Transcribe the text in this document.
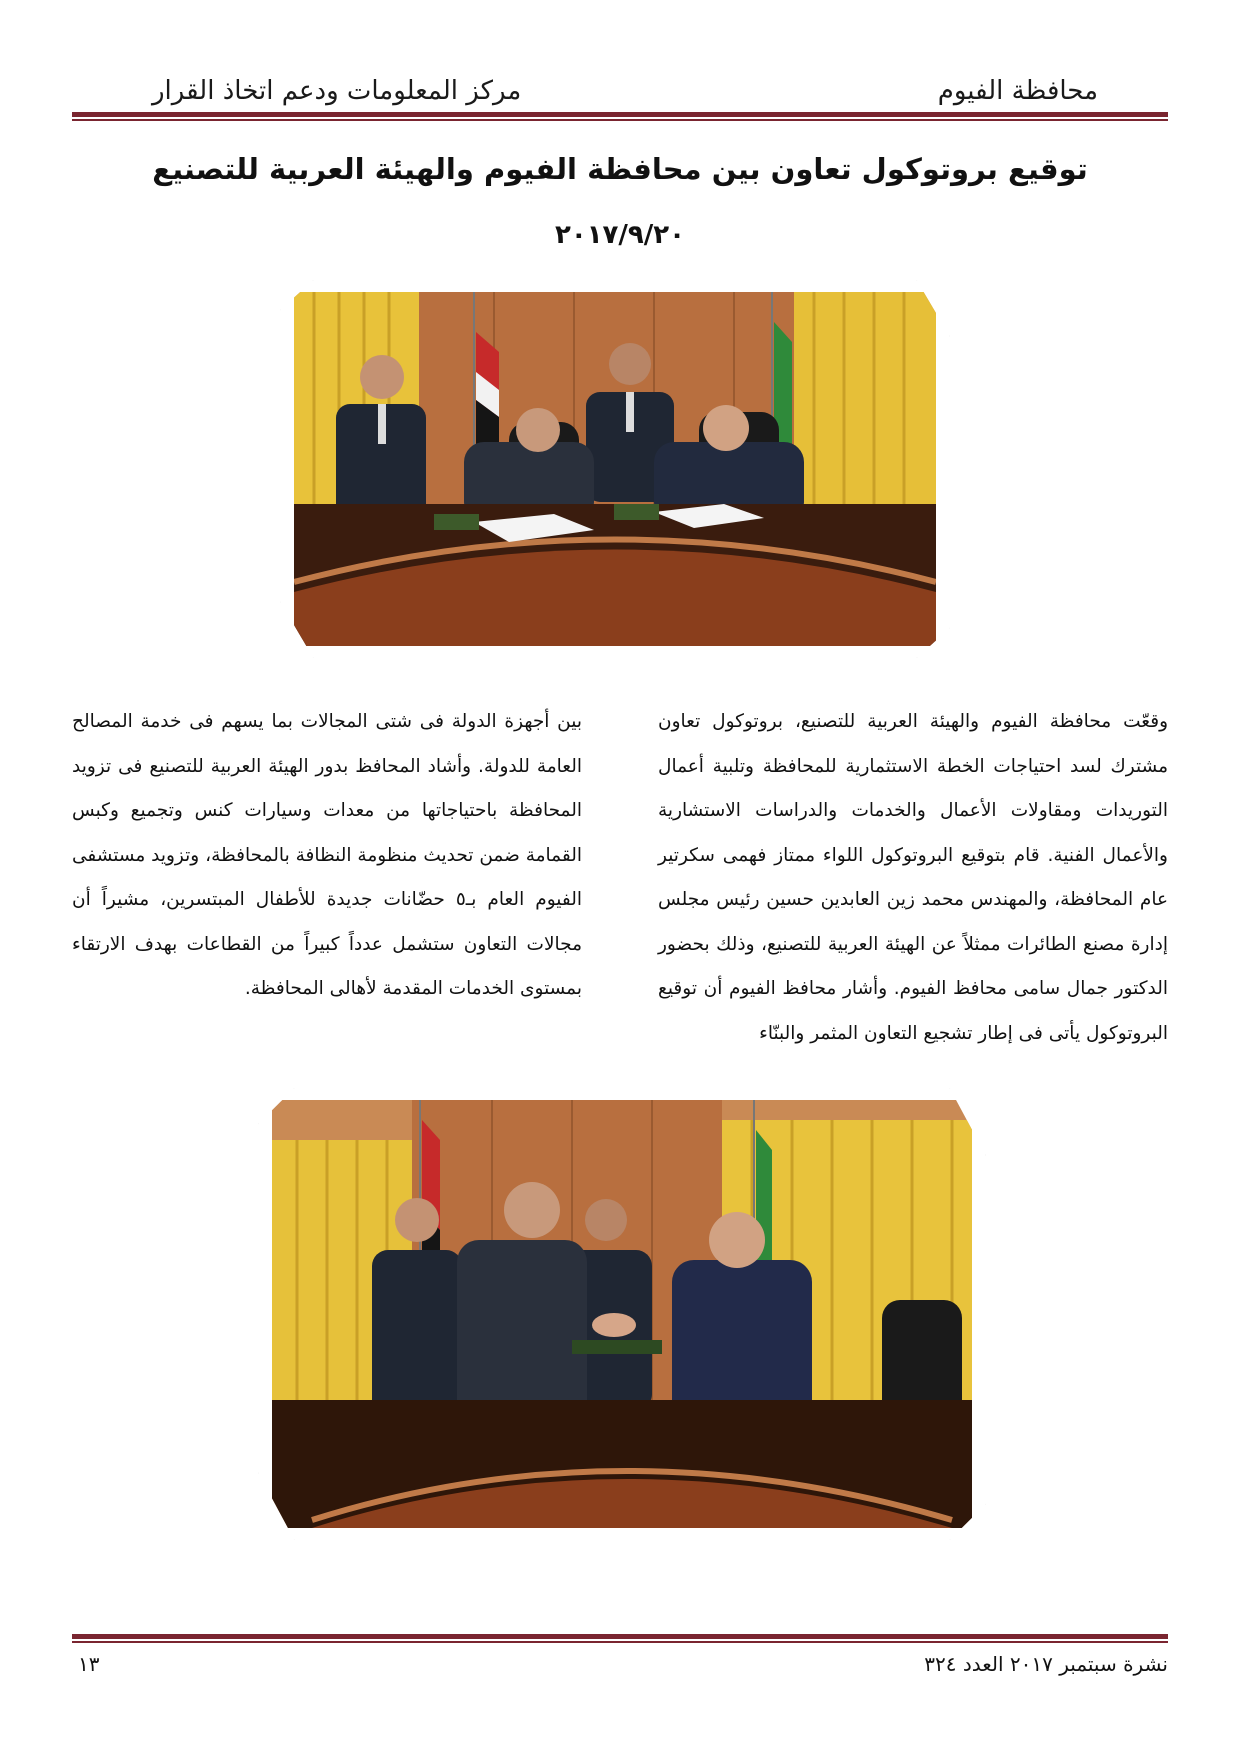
محافظة الفيوم
مركز المعلومات ودعم اتخاذ القرار
توقيع بروتوكول تعاون بين محافظة الفيوم والهيئة العربية للتصنيع
٢٠١٧/٩/٢٠
وقعّت محافظة الفيوم والهيئة العربية للتصنيع، بروتوكول تعاون مشترك لسد احتياجات الخطة الاستثمارية للمحافظة وتلبية أعمال التوريدات ومقاولات الأعمال والخدمات والدراسات الاستشارية والأعمال الفنية. قام بتوقيع البروتوكول اللواء ممتاز فهمى سكرتير عام المحافظة، والمهندس محمد زين العابدين حسين رئيس مجلس إدارة مصنع الطائرات ممثلاً عن الهيئة العربية للتصنيع، وذلك بحضور الدكتور جمال سامى محافظ الفيوم. وأشار محافظ الفيوم أن توقيع البروتوكول يأتى فى إطار تشجيع التعاون المثمر والبنّاء
بين أجهزة الدولة فى شتى المجالات بما يسهم فى خدمة المصالح العامة للدولة. وأشاد المحافظ بدور الهيئة العربية للتصنيع فى تزويد المحافظة باحتياجاتها من معدات وسيارات كنس وتجميع وكبس القمامة ضمن تحديث منظومة النظافة بالمحافظة، وتزويد مستشفى الفيوم العام بـ٥ حضّانات جديدة للأطفال المبتسرين، مشيراً أن مجالات التعاون ستشمل عدداً كبيراً من القطاعات بهدف الارتقاء بمستوى الخدمات المقدمة لأهالى المحافظة.
نشرة سبتمبر ٢٠١٧ العدد ٣٢٤
١٣
